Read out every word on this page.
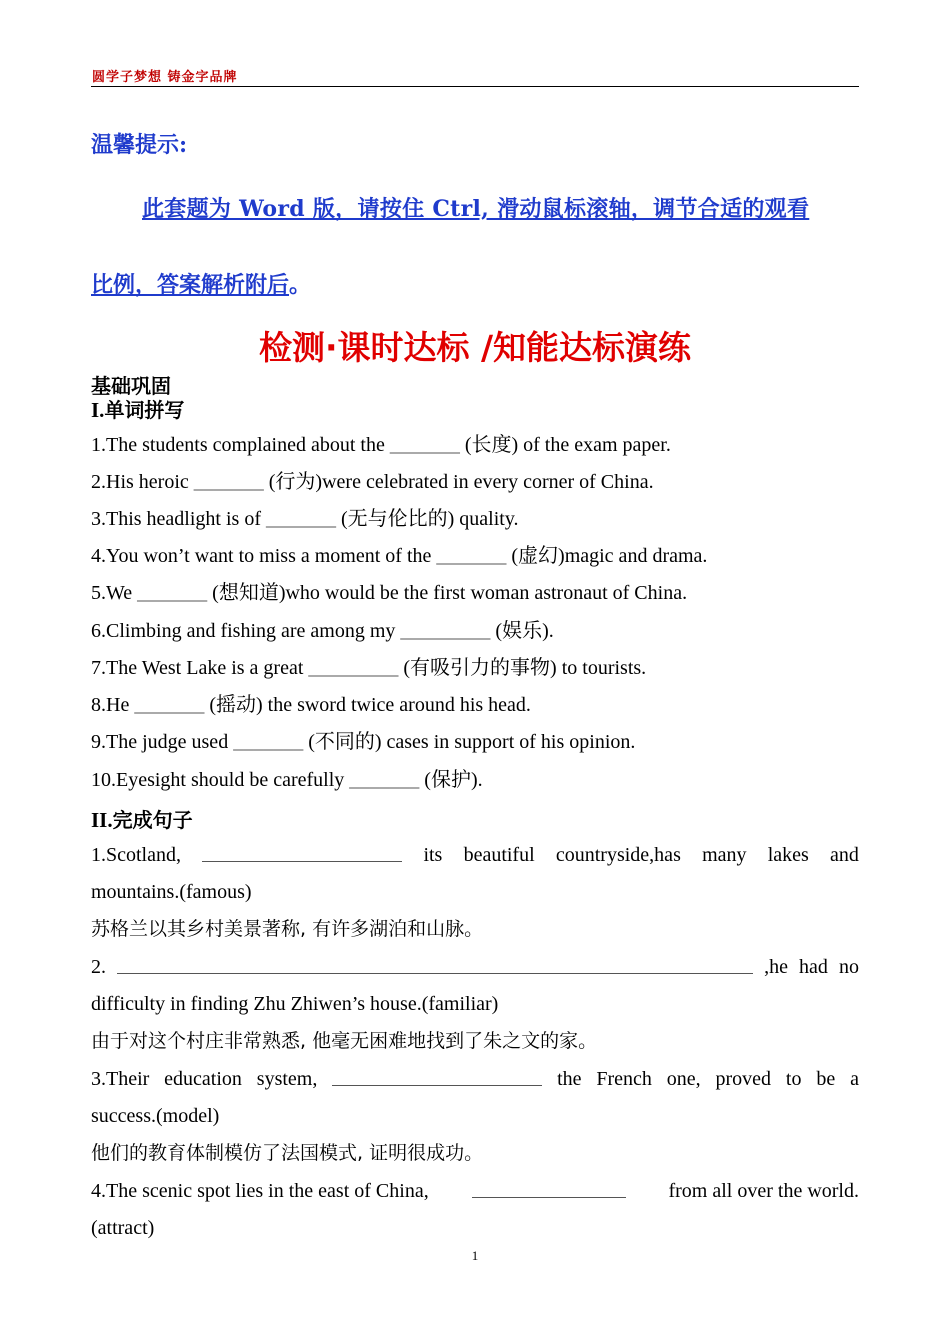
圆学子梦想 铸金字品牌
温馨提示:
此套题为 Word 版，请按住 Ctrl, 滑动鼠标滚轴，调节合适的观看
比例，答案解析附后。
检测·课时达标 /知能达标演练
基础巩固
I.单词拼写
1.The students complained about the _______ (长度) of the exam paper.
2.His heroic _______ (行为)were celebrated in every corner of China.
3.This headlight is of _______ (无与伦比的) quality.
4.You won’t want to miss a moment of the _______ (虚幻)magic and drama.
5.We _______ (想知道)who would be the first woman astronaut of China.
6.Climbing and fishing are among my _________ (娱乐).
7.The West Lake is a great _________ (有吸引力的事物) to tourists.
8.He _______ (摇动) the sword twice around his head.
9.The judge used _______ (不同的) cases in support of his opinion.
10.Eyesight should be carefully _______ (保护).
II.完成句子
1.Scotland,	its beautiful countryside,has many lakes and
mountains.(famous)
苏格兰以其乡村美景著称, 有许多湖泊和山脉。
2.	,he had no
difficulty in finding Zhu Zhiwen’s house.(familiar)
由于对这个村庄非常熟悉, 他毫无困难地找到了朱之文的家。
3.Their education system,	the French one, proved to be a
success.(model)
他们的教育体制模仿了法国模式, 证明很成功。
4.The scenic spot lies in the east of China,	from all over the world.
(attract)
1
